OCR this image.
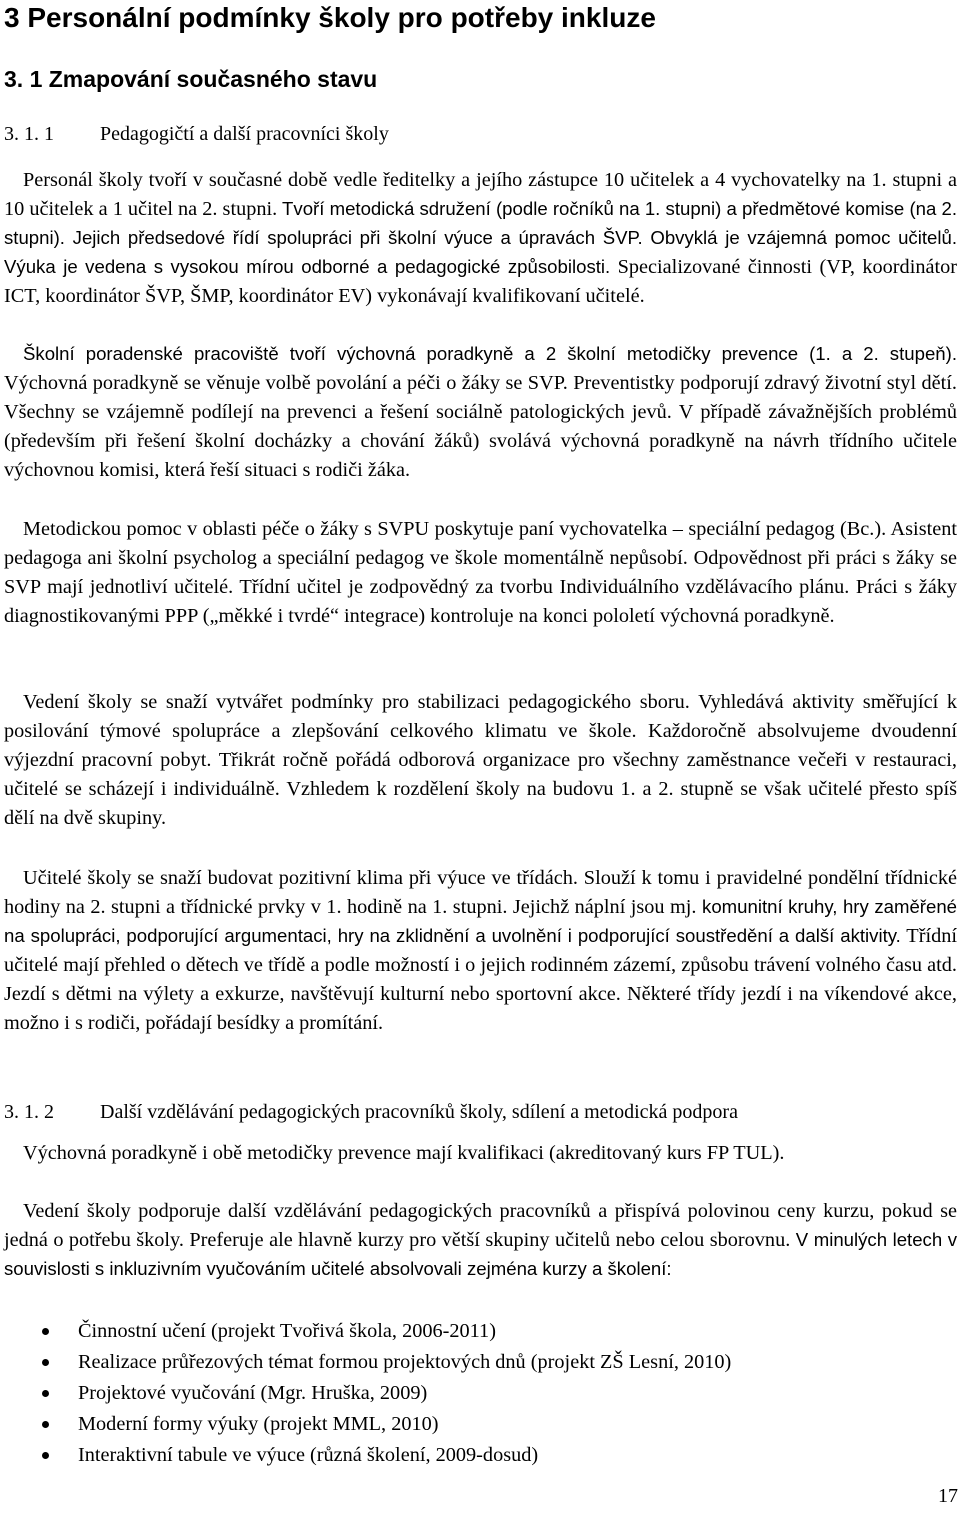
3 Personální podmínky školy pro potřeby inkluze
3. 1 Zmapování současného stavu
3. 1. 1 Pedagogičtí a další pracovníci školy

Personál školy tvoří v současné době vedle ředitelky a jejího zástupce 10 učitelek a 4 vychovatelky na 1. stupni a 10 učitelek a 1 učitel na 2. stupni. Tvoří metodická sdružení (podle ročníků na 1. stupni) a předmětové komise (na 2. stupni). Jejich předsedové řídí spolupráci při školní výuce a úpravách ŠVP. Obvyklá je vzájemná pomoc učitelů. Výuka je vedena s vysokou mírou odborné a pedagogické způsobilosti. Specializované činnosti (VP, koordinátor ICT, koordinátor ŠVP, ŠMP, koordinátor EV) vykonávají kvalifikovaní učitelé.

Školní poradenské pracoviště tvoří výchovná poradkyně a 2 školní metodičky prevence (1. a 2. stupeň). Výchovná poradkyně se věnuje volbě povolání a péči o žáky se SVP. Preventistky podporují zdravý životní styl dětí. Všechny se vzájemně podílejí na prevenci a řešení sociálně patologických jevů. V případě závažnějších problémů (především při řešení školní docházky a chování žáků) svolává výchovná poradkyně na návrh třídního učitele výchovnou komisi, která řeší situaci s rodiči žáka.

Metodickou pomoc v oblasti péče o žáky s SVPU poskytuje paní vychovatelka – speciální pedagog (Bc.). Asistent pedagoga ani školní psycholog a speciální pedagog ve škole momentálně nepůsobí. Odpovědnost při práci s žáky se SVP mají jednotliví učitelé. Třídní učitel je zodpovědný za tvorbu Individuálního vzdělávacího plánu. Práci s žáky diagnostikovanými PPP („měkké i tvrdé“ integrace) kontroluje na konci pololetí výchovná poradkyně.

Vedení školy se snaží vytvářet podmínky pro stabilizaci pedagogického sboru. Vyhledává aktivity směřující k posilování týmové spolupráce a zlepšování celkového klimatu ve škole. Každoročně absolvujeme dvoudenní výjezdní pracovní pobyt. Třikrát ročně pořádá odborová organizace pro všechny zaměstnance večeři v restauraci, učitelé se scházejí i individuálně. Vzhledem k rozdělení školy na budovu 1. a 2. stupně se však učitelé přesto spíš dělí na dvě skupiny.

Učitelé školy se snaží budovat pozitivní klima při výuce ve třídách. Slouží k tomu i pravidelné pondělní třídnické hodiny na 2. stupni a třídnické prvky v 1. hodině na 1. stupni. Jejichž náplní jsou mj. komunitní kruhy, hry zaměřené na spolupráci, podporující argumentaci, hry na zklidnění a uvolnění i podporující soustředění a další aktivity. Třídní učitelé mají přehled o dětech ve třídě a podle možností i o jejich rodinném zázemí, způsobu trávení volného času atd. Jezdí s dětmi na výlety a exkurze, navštěvují kulturní nebo sportovní akce. Některé třídy jezdí i na víkendové akce, možno i s rodiči, pořádají besídky a promítání.

3. 1. 2 Další vzdělávání pedagogických pracovníků školy, sdílení a metodická podpora

Výchovná poradkyně i obě metodičky prevence mají kvalifikaci (akreditovaný kurs FP TUL).

Vedení školy podporuje další vzdělávání pedagogických pracovníků a přispívá polovinou ceny kurzu, pokud se jedná o potřebu školy. Preferuje ale hlavně kurzy pro větší skupiny učitelů nebo celou sborovnu. V minulých letech v souvislosti s inkluzivním vyučováním učitelé absolvovali zejména kurzy a školení:

Činnostní učení (projekt Tvořivá škola, 2006-2011)
Realizace průřezových témat formou projektových dnů (projekt ZŠ Lesní, 2010)
Projektové vyučování (Mgr. Hruška, 2009)
Moderní formy výuky (projekt MML, 2010)
Interaktivní tabule ve výuce (různá školení, 2009-dosud)
17
